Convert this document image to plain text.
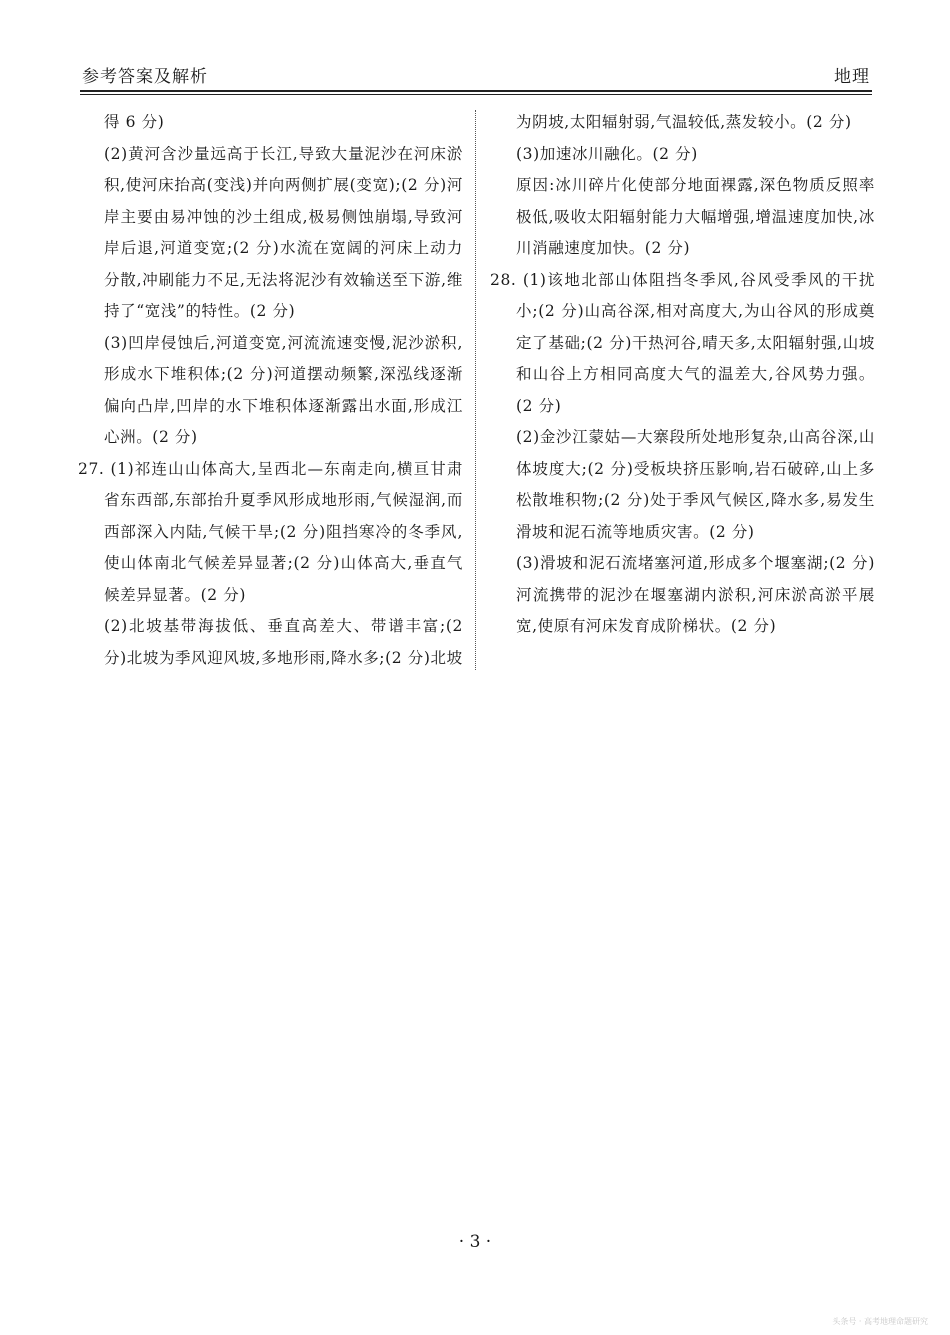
参考答案及解析	地理

得 6 分)

(2)黄河含沙量远高于长江,导致大量泥沙在河床淤积,使河床抬高(变浅)并向两侧扩展(变宽);(2 分)河岸主要由易冲蚀的沙土组成,极易侧蚀崩塌,导致河岸后退,河道变宽;(2 分)水流在宽阔的河床上动力分散,冲刷能力不足,无法将泥沙有效输送至下游,维持了“宽浅”的特性。(2 分)

(3)凹岸侵蚀后,河道变宽,河流流速变慢,泥沙淤积,形成水下堆积体;(2 分)河道摆动频繁,深泓线逐渐偏向凸岸,凹岸的水下堆积体逐渐露出水面,形成江心洲。(2 分)

27. (1)祁连山山体高大,呈西北—东南走向,横亘甘肃省东西部,东部抬升夏季风形成地形雨,气候湿润,而西部深入内陆,气候干旱;(2 分)阻挡寒冷的冬季风,使山体南北气候差异显著;(2 分)山体高大,垂直气候差异显著。(2 分)

(2)北坡基带海拔低、垂直高差大、带谱丰富;(2 分)北坡为季风迎风坡,多地形雨,降水多;(2 分)北坡

为阴坡,太阳辐射弱,气温较低,蒸发较小。(2 分)

(3)加速冰川融化。(2 分)

原因:冰川碎片化使部分地面裸露,深色物质反照率极低,吸收太阳辐射能力大幅增强,增温速度加快,冰川消融速度加快。(2 分)

28. (1)该地北部山体阻挡冬季风,谷风受季风的干扰小;(2 分)山高谷深,相对高度大,为山谷风的形成奠定了基础;(2 分)干热河谷,晴天多,太阳辐射强,山坡和山谷上方相同高度大气的温差大,谷风势力强。(2 分)

(2)金沙江蒙姑—大寨段所处地形复杂,山高谷深,山体坡度大;(2 分)受板块挤压影响,岩石破碎,山上多松散堆积物;(2 分)处于季风气候区,降水多,易发生滑坡和泥石流等地质灾害。(2 分)

(3)滑坡和泥石流堵塞河道,形成多个堰塞湖;(2 分)河流携带的泥沙在堰塞湖内淤积,河床淤高淤平展宽,使原有河床发育成阶梯状。(2 分)

· 3 ·
头条号 · 高考地理命题研究
